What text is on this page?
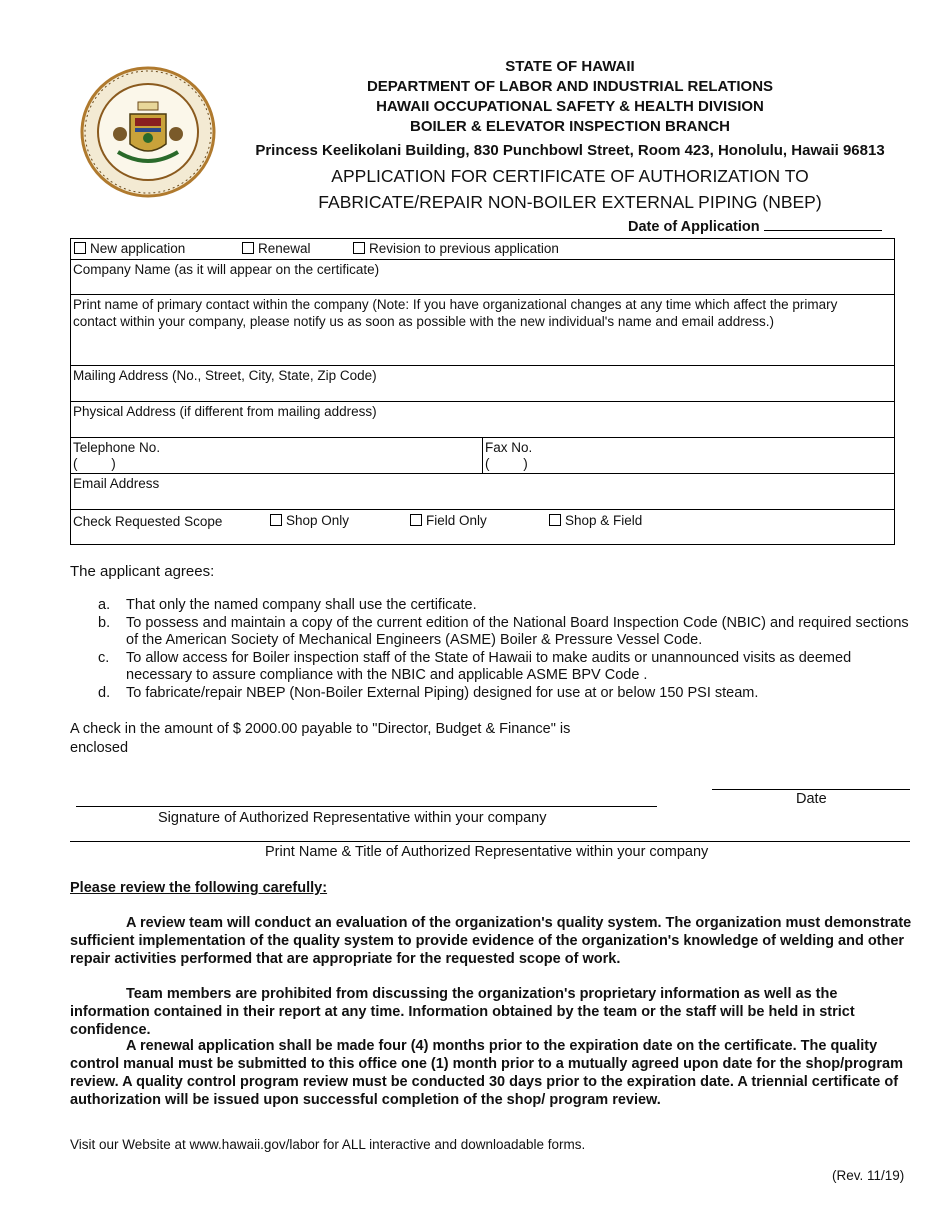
STATE OF HAWAII
DEPARTMENT OF LABOR AND INDUSTRIAL RELATIONS
HAWAII OCCUPATIONAL SAFETY & HEALTH DIVISION
BOILER & ELEVATOR INSPECTION BRANCH
Princess Keelikolani Building, 830 Punchbowl Street, Room 423, Honolulu, Hawaii 96813
APPLICATION FOR CERTIFICATE OF AUTHORIZATION TO
FABRICATE/REPAIR NON-BOILER EXTERNAL PIPING (NBEP)
Date of Application
New application	Renewal	Revision to previous application
Company Name (as it will appear on the certificate)
Print name of primary contact within the company (Note: If you have organizational changes at any time which affect the primary contact within your company, please notify us as soon as possible with the new individual's name and email address.)
Mailing Address (No., Street, City, State, Zip Code)
Physical Address (if different from mailing address)
Telephone No.
(         )
Fax No.
(         )
Email Address
Check Requested Scope	Shop Only	Field Only	Shop & Field
The applicant agrees:
a. That only the named company shall use the certificate.
b. To possess and maintain a copy of the current edition of the National Board Inspection Code (NBIC) and required sections of the American Society of Mechanical Engineers (ASME) Boiler & Pressure Vessel Code.
c. To allow access for Boiler inspection staff of the State of Hawaii to make audits or unannounced visits as deemed necessary to assure compliance with the NBIC and applicable ASME BPV Code .
d. To fabricate/repair NBEP (Non-Boiler External Piping) designed for use at or below 150 PSI steam.
A check in the amount of $ 2000.00 payable to "Director, Budget & Finance" is enclosed
Date
Signature of Authorized Representative within your company
Print Name & Title of Authorized Representative within your company
Please review the following carefully:
A review team will conduct an evaluation of the organization's quality system. The organization must demonstrate sufficient implementation of the quality system to provide evidence of the organization's knowledge of welding and other repair activities performed that are appropriate for the requested scope of work.
Team members are prohibited from discussing the organization's proprietary information as well as the information contained in their report at any time. Information obtained by the team or the staff will be held in strict confidence.
A renewal application shall be made four (4) months prior to the expiration date on the certificate. The quality control manual must be submitted to this office one (1) month prior to a mutually agreed upon date for the shop/program review. A quality control program review must be conducted 30 days prior to the expiration date. A triennial certificate of authorization will be issued upon successful completion of the shop/ program review.
Visit our Website at www.hawaii.gov/labor for ALL interactive and downloadable forms.
(Rev. 11/19)
